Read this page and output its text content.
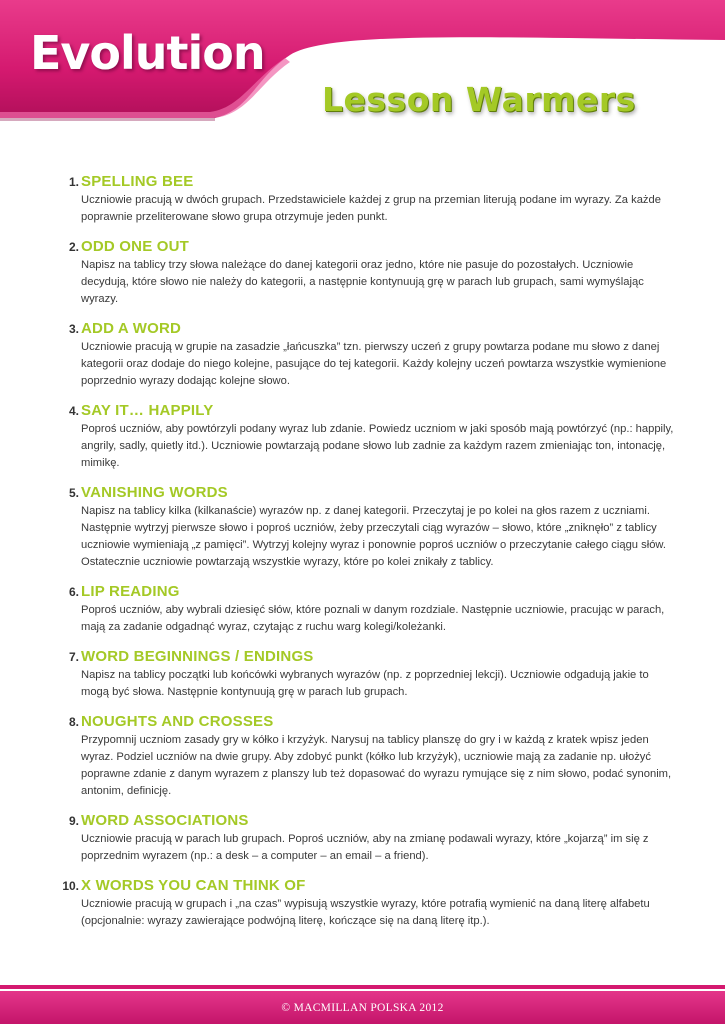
Evolution
Lesson Warmers
1. SPELLING BEE
Uczniowie pracują w dwóch grupach. Przedstawiciele każdej z grup na przemian literują podane im wyrazy. Za każde poprawnie przeliterowane słowo grupa otrzymuje jeden punkt.
2. ODD ONE OUT
Napisz na tablicy trzy słowa należące do danej kategorii oraz jedno, które nie pasuje do pozostałych. Uczniowie decydują, które słowo nie należy do kategorii, a następnie kontynuują grę w parach lub grupach, sami wymyślając wyrazy.
3. ADD A WORD
Uczniowie pracują w grupie na zasadzie „łańcuszka” tzn. pierwszy uczeń z grupy powtarza podane mu słowo z danej kategorii oraz dodaje do niego kolejne, pasujące do tej kategorii. Każdy kolejny uczeń powtarza wszystkie wymienione poprzednio wyrazy dodając kolejne słowo.
4. SAY IT… HAPPILY
Poproś uczniów, aby powtórzyli podany wyraz lub zdanie. Powiedz uczniom w jaki sposób mają powtórzyć (np.: happily, angrily, sadly, quietly itd.). Uczniowie powtarzają podane słowo lub zadnie za każdym razem zmieniając ton, intonację, mimikę.
5. VANISHING WORDS
Napisz na tablicy kilka (kilkanaście) wyrazów np. z danej kategorii. Przeczytaj je po kolei na głos razem z uczniami. Następnie wytrzyj pierwsze słowo i poproś uczniów, żeby przeczytali ciąg wyrazów – słowo, które „zniknęło” z tablicy uczniowie wymieniają „z pamięci”. Wytrzyj kolejny wyraz i ponownie poproś uczniów o przeczytanie całego ciągu słów. Ostatecznie uczniowie powtarzają wszystkie wyrazy, które po kolei znikały z tablicy.
6. LIP READING
Poproś uczniów, aby wybrali dziesięć słów, które poznali w danym rozdziale. Następnie uczniowie, pracując w parach, mają za zadanie odgadnąć wyraz, czytając z ruchu warg kolegi/koleżanki.
7. WORD BEGINNINGS / ENDINGS
Napisz na tablicy początki lub końcówki wybranych wyrazów (np. z poprzedniej lekcji). Uczniowie odgadują jakie to mogą być słowa. Następnie kontynuują grę w parach lub grupach.
8. NOUGHTS AND CROSSES
Przypomnij uczniom zasady gry w kółko i krzyżyk. Narysuj na tablicy planszę do gry i w każdą z kratek wpisz jeden wyraz. Podziel uczniów na dwie grupy. Aby zdobyć punkt (kółko lub krzyżyk), uczniowie mają za zadanie np. ułożyć poprawne zdanie z danym wyrazem z planszy lub też dopasować do wyrazu rymujące się z nim słowo, podać synonim, antonim, definicję.
9. WORD ASSOCIATIONS
Uczniowie pracują w parach lub grupach. Poproś uczniów, aby na zmianę podawali wyrazy, które „kojarzą” im się z poprzednim wyrazem (np.: a desk – a computer – an email – a friend).
10. X WORDS YOU CAN THINK OF
Uczniowie pracują w grupach i „na czas” wypisują wszystkie wyrazy, które potrafią wymienić na daną literę alfabetu (opcjonalnie: wyrazy zawierające podwójną literę, kończące się na daną literę itp.).
© MACMILLAN POLSKA 2012
